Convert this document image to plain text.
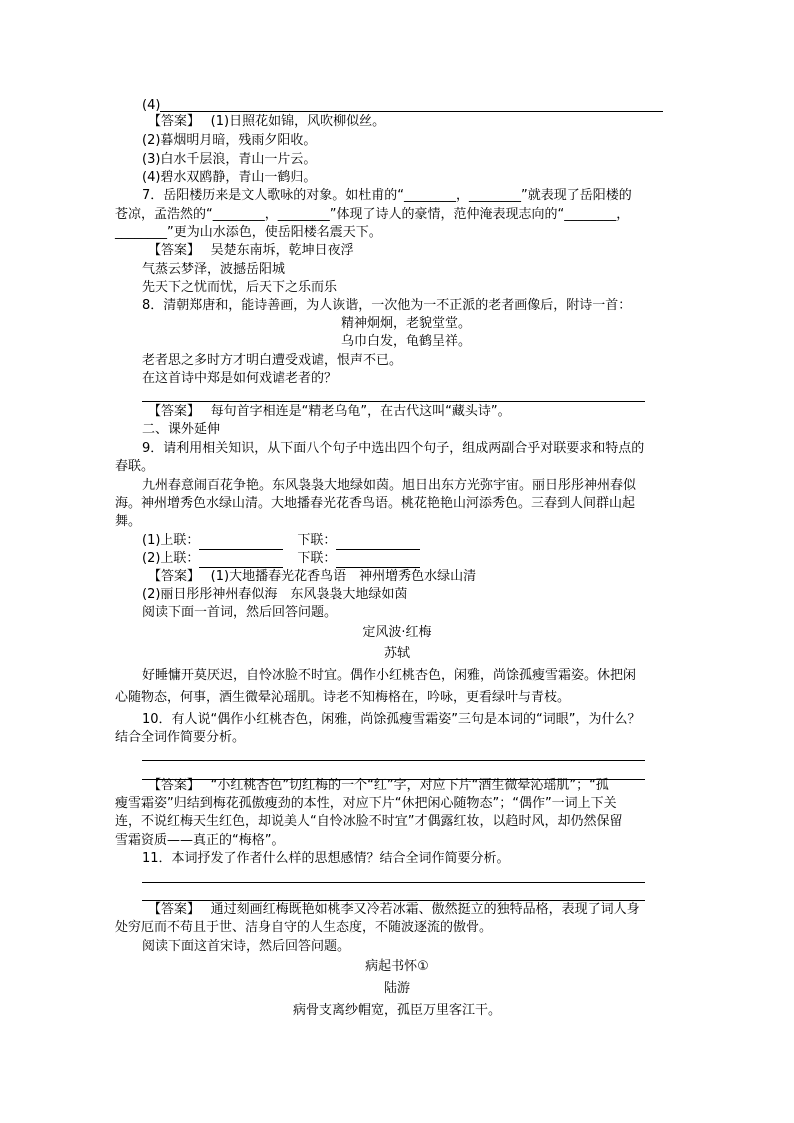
(4)
【答案】　 (1)日照花如锦，风吹柳似丝。
(2)暮烟明月暗，残雨夕阳收。
(3)白水千层浪，青山一片云。
(4)碧水双鸥静，青山一鹤归。
7．岳阳楼历来是文人歌咏的对象。如杜甫的“________，________”就表现了岳阳楼的
苍凉，孟浩然的“________，________”体现了诗人的豪情，范仲淹表现志向的“________，
________”更为山水添色，使岳阳楼名震天下。
【答案】　 吴楚东南坼，乾坤日夜浮
气蒸云梦泽，波撼岳阳城
先天下之忧而忧，后天下之乐而乐
8．清朝郑唐和，能诗善画，为人诙谐，一次他为一不正派的老者画像后，附诗一首：
精神炯炯，老貌堂堂。
乌巾白发，龟鹤呈祥。
老者思之多时方才明白遭受戏谑，恨声不已。
在这首诗中郑是如何戏谑老者的？
【答案】　 每句首字相连是“精老乌龟”，在古代这叫“藏头诗”。
二、课外延伸
9．请利用相关知识，从下面八个句子中选出四个句子，组成两副合乎对联要求和特点的
春联。
九州春意闹百花争艳。东风袅袅大地绿如茵。旭日出东方光弥宇宙。丽日彤彤神州春似
海。神州增秀色水绿山清。大地播春光花香鸟语。桃花艳艳山河添秀色。三春到人间群山起
舞。
(1)上联：	下联：
(2)上联：	下联：
【答案】　 (1)大地播春光花香鸟语　神州增秀色水绿山清
(2)丽日彤彤神州春似海　东风袅袅大地绿如茵
阅读下面一首词，然后回答问题。
定风波·红梅
苏轼
好睡慵开莫厌迟，自怜冰脸不时宜。偶作小红桃杏色，闲雅，尚馀孤瘦雪霜姿。休把闲
心随物态，何事，酒生微晕沁瑶肌。诗老不知梅格在，吟咏，更看绿叶与青枝。
10．有人说“偶作小红桃杏色，闲雅，尚馀孤瘦雪霜姿”三句是本词的“词眼”，为什么？
结合全词作简要分析。
【答案】　 “小红桃杏色”切红梅的一个“红”字，对应下片“酒生微晕沁瑶肌”；“孤
瘦雪霜姿”归结到梅花孤傲瘦劲的本性，对应下片“休把闲心随物态”；“偶作”一词上下关
连，不说红梅天生红色，却说美人“自怜冰脸不时宜”才偶露红妆，以趋时风，却仍然保留
雪霜资质——真正的“梅格”。
11．本词抒发了作者什么样的思想感情？结合全词作简要分析。
【答案】　 通过刻画红梅既艳如桃李又冷若冰霜、傲然挺立的独特品格，表现了词人身
处穷厄而不苟且于世、洁身自守的人生态度，不随波逐流的傲骨。
阅读下面这首宋诗，然后回答问题。
病起书怀①
陆游
病骨支离纱帽宽，孤臣万里客江干。
